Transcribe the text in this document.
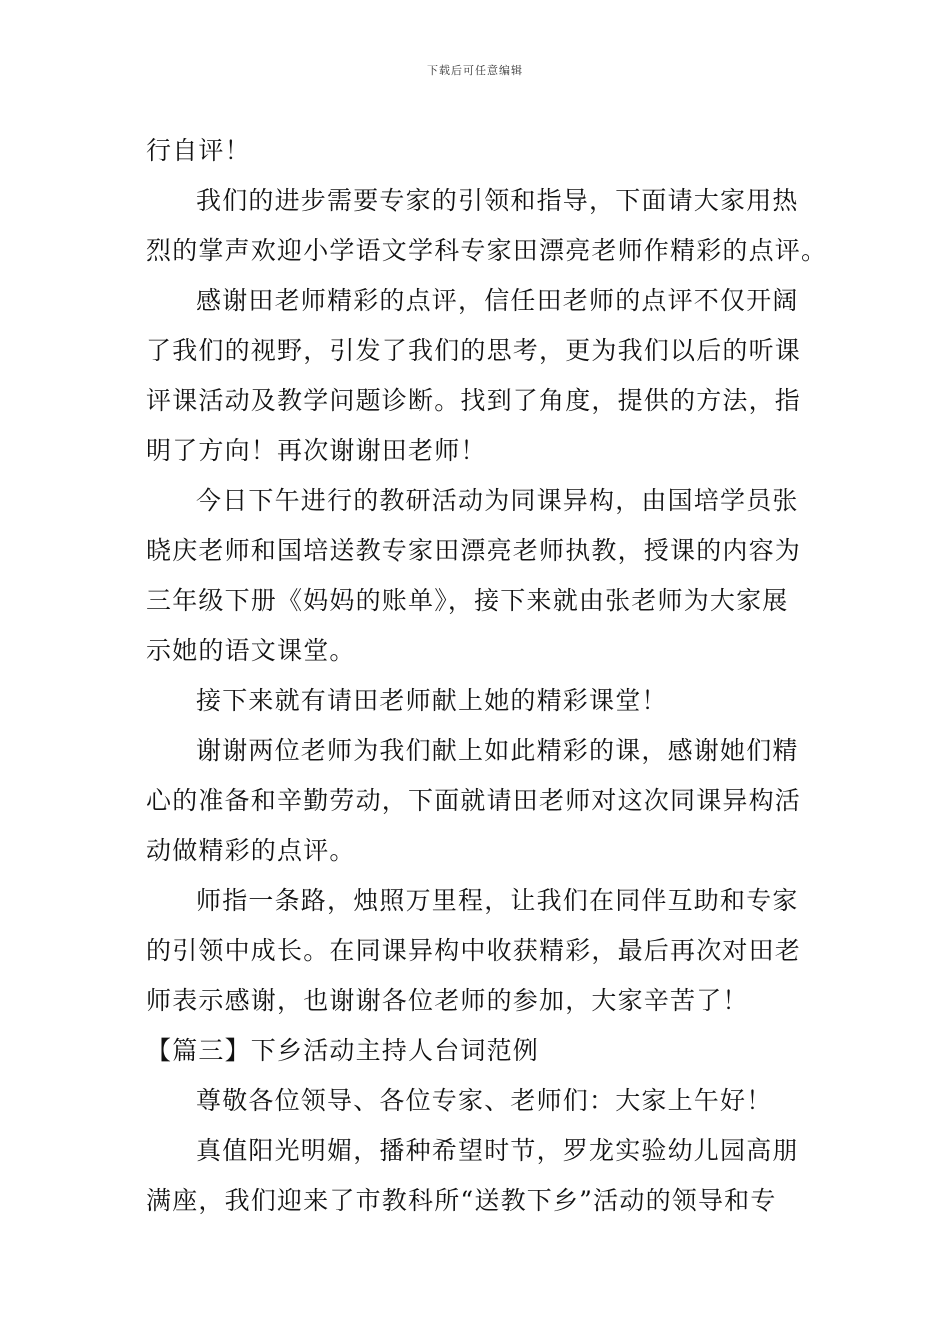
下载后可任意编辑
行自评！
我们的进步需要专家的引领和指导，下面请大家用热
烈的掌声欢迎小学语文学科专家田漂亮老师作精彩的点评。
感谢田老师精彩的点评，信任田老师的点评不仅开阔
了我们的视野，引发了我们的思考，更为我们以后的听课
评课活动及教学问题诊断。找到了角度，提供的方法，指
明了方向！再次谢谢田老师！
今日下午进行的教研活动为同课异构，由国培学员张
晓庆老师和国培送教专家田漂亮老师执教，授课的内容为
三年级下册《妈妈的账单》，接下来就由张老师为大家展
示她的语文课堂。
接下来就有请田老师献上她的精彩课堂！
谢谢两位老师为我们献上如此精彩的课，感谢她们精
心的准备和辛勤劳动，下面就请田老师对这次同课异构活
动做精彩的点评。
师指一条路，烛照万里程，让我们在同伴互助和专家
的引领中成长。在同课异构中收获精彩，最后再次对田老
师表示感谢，也谢谢各位老师的参加，大家辛苦了！
【篇三】下乡活动主持人台词范例
尊敬各位领导、各位专家、老师们：大家上午好！
真值阳光明媚，播种希望时节，罗龙实验幼儿园高朋
满座，我们迎来了市教科所“送教下乡”活动的领导和专
